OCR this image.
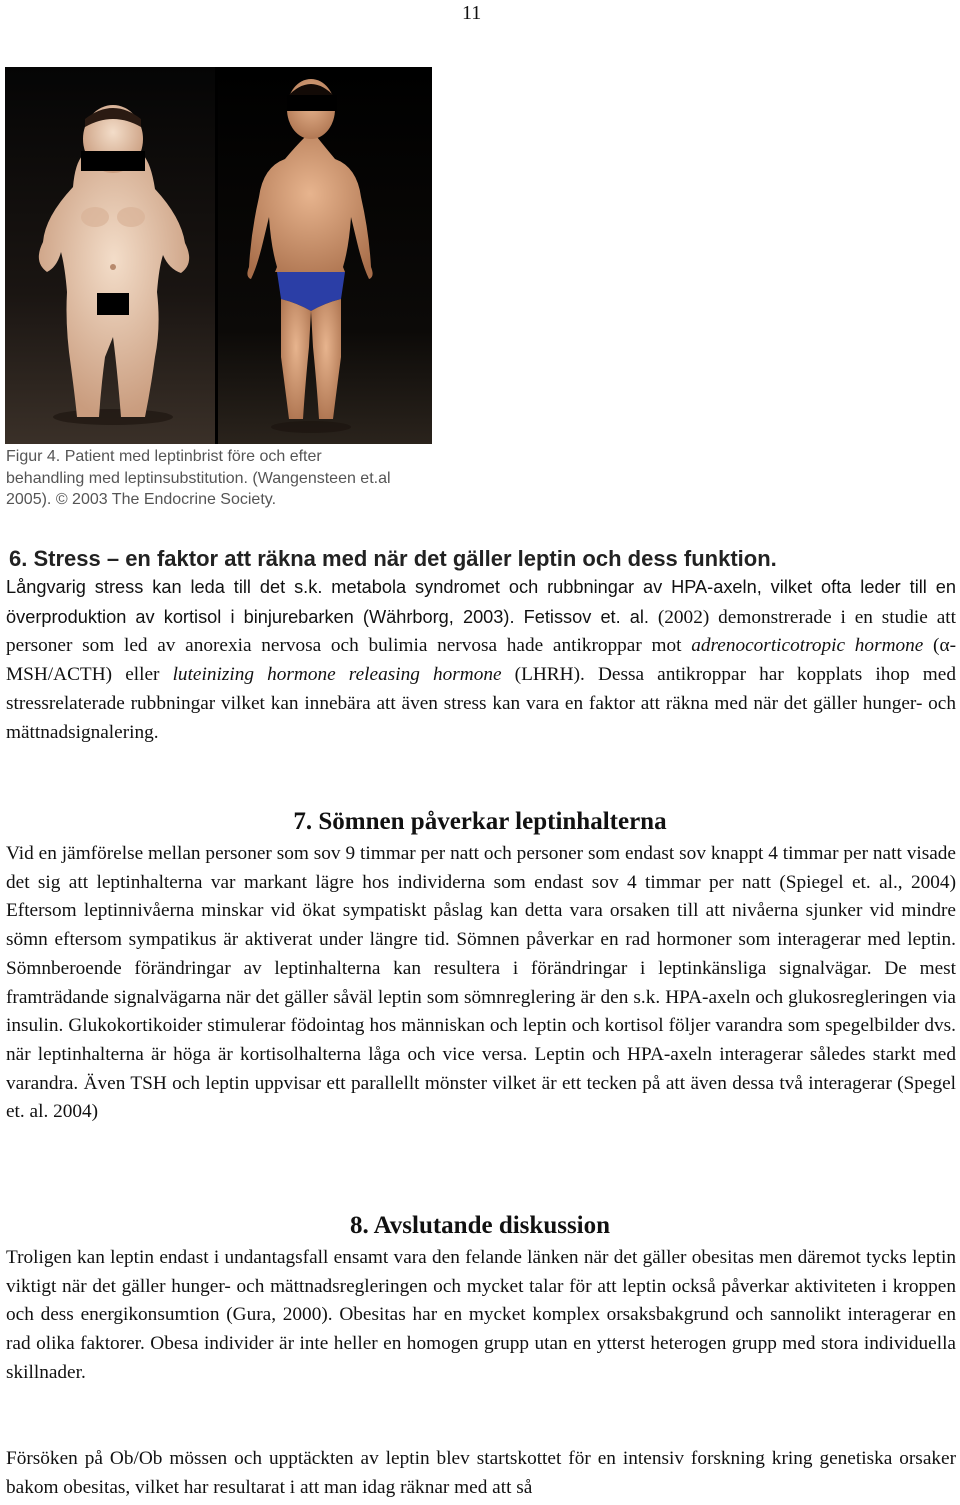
11
Figur 4. Patient med leptinbrist före och efter
behandling med leptinsubstitution. (Wangensteen et.al
2005). © 2003 The Endocrine Society.
6. Stress – en faktor att räkna med när det gäller leptin och dess funktion.

Långvarig stress kan leda till det s.k. metabola syndromet och rubbningar av HPA-axeln, vilket ofta leder till en överproduktion av kortisol i binjurebarken (Währborg, 2003). Fetissov et. al. (2002) demonstrerade i en studie att personer som led av anorexia nervosa och bulimia nervosa hade antikroppar mot adrenocorticotropic hormone (α-MSH/ACTH) eller luteinizing hormone releasing hormone (LHRH). Dessa antikroppar har kopplats ihop med stressrelaterade rubbningar vilket kan innebära att även stress kan vara en faktor att räkna med när det gäller hunger- och mättnadsignalering.

7. Sömnen påverkar leptinhalterna

Vid en jämförelse mellan personer som sov 9 timmar per natt och personer som endast sov knappt 4 timmar per natt visade det sig att leptinhalterna var markant lägre hos individerna som endast sov 4 timmar per natt (Spiegel et. al., 2004) Eftersom leptinnivåerna minskar vid ökat sympatiskt påslag kan detta vara orsaken till att nivåerna sjunker vid mindre sömn eftersom sympatikus är aktiverat under längre tid. Sömnen påverkar en rad hormoner som interagerar med leptin. Sömnberoende förändringar av leptinhalterna kan resultera i förändringar i leptinkänsliga signalvägar. De mest framträdande signalvägarna när det gäller såväl leptin som sömnreglering är den s.k. HPA-axeln och glukosregleringen via insulin. Glukokortikoider stimulerar födointag hos människan och leptin och kortisol följer varandra som spegelbilder dvs. när leptinhalterna är höga är kortisolhalterna låga och vice versa. Leptin och HPA-axeln interagerar således starkt med varandra. Även TSH och leptin uppvisar ett parallellt mönster vilket är ett tecken på att även dessa två interagerar (Spegel et. al. 2004)

8. Avslutande diskussion

Troligen kan leptin endast i undantagsfall ensamt vara den felande länken när det gäller obesitas men däremot tycks leptin viktigt när det gäller hunger- och mättnadsregleringen och mycket talar för att leptin också påverkar aktiviteten i kroppen och dess energikonsumtion (Gura, 2000). Obesitas har en mycket komplex orsaksbakgrund och sannolikt interagerar en rad olika faktorer. Obesa individer är inte heller en homogen grupp utan en ytterst heterogen grupp med stora individuella skillnader.

Försöken på Ob/Ob mössen och upptäckten av leptin blev startskottet för en intensiv forskning kring genetiska orsaker bakom obesitas, vilket har resultarat i att man idag räknar med att så
